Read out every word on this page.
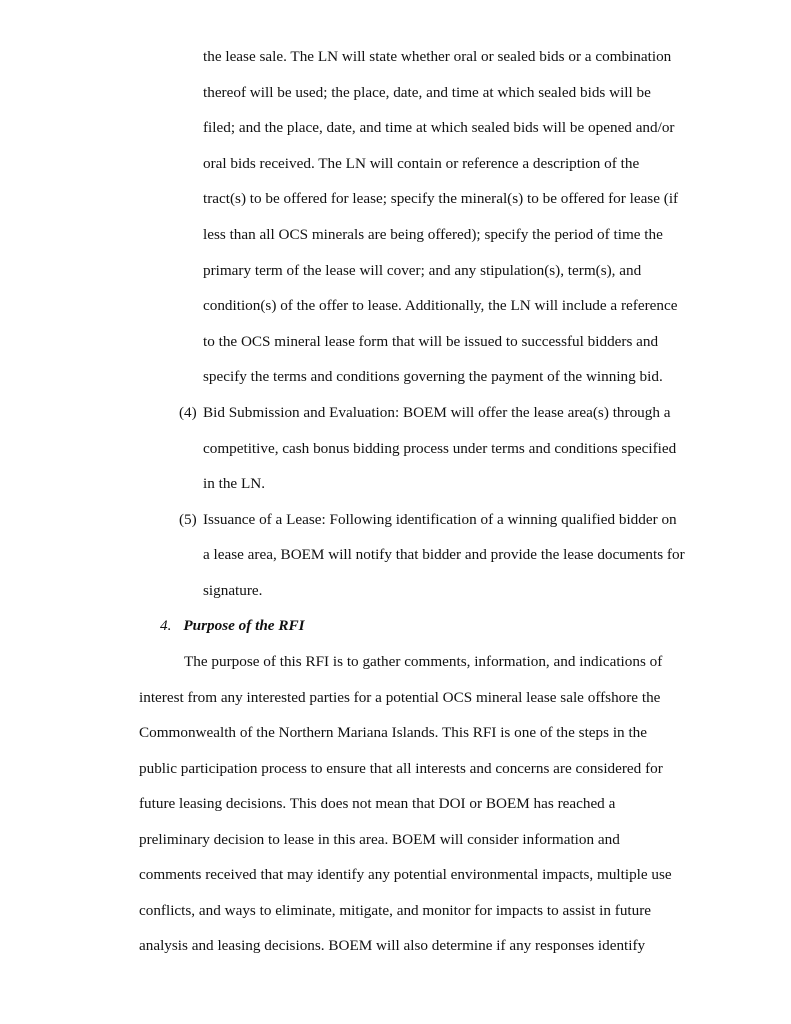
the lease sale. The LN will state whether oral or sealed bids or a combination
thereof will be used; the place, date, and time at which sealed bids will be
filed; and the place, date, and time at which sealed bids will be opened and/or
oral bids received. The LN will contain or reference a description of the
tract(s) to be offered for lease; specify the mineral(s) to be offered for lease (if
less than all OCS minerals are being offered); specify the period of time the
primary term of the lease will cover; and any stipulation(s), term(s), and
condition(s) of the offer to lease. Additionally, the LN will include a reference
to the OCS mineral lease form that will be issued to successful bidders and
specify the terms and conditions governing the payment of the winning bid.
(4) Bid Submission and Evaluation: BOEM will offer the lease area(s) through a
competitive, cash bonus bidding process under terms and conditions specified
in the LN.
(5) Issuance of a Lease: Following identification of a winning qualified bidder on
a lease area, BOEM will notify that bidder and provide the lease documents for
signature.
4. Purpose of the RFI
The purpose of this RFI is to gather comments, information, and indications of
interest from any interested parties for a potential OCS mineral lease sale offshore the
Commonwealth of the Northern Mariana Islands. This RFI is one of the steps in the
public participation process to ensure that all interests and concerns are considered for
future leasing decisions. This does not mean that DOI or BOEM has reached a
preliminary decision to lease in this area. BOEM will consider information and
comments received that may identify any potential environmental impacts, multiple use
conflicts, and ways to eliminate, mitigate, and monitor for impacts to assist in future
analysis and leasing decisions. BOEM will also determine if any responses identify
